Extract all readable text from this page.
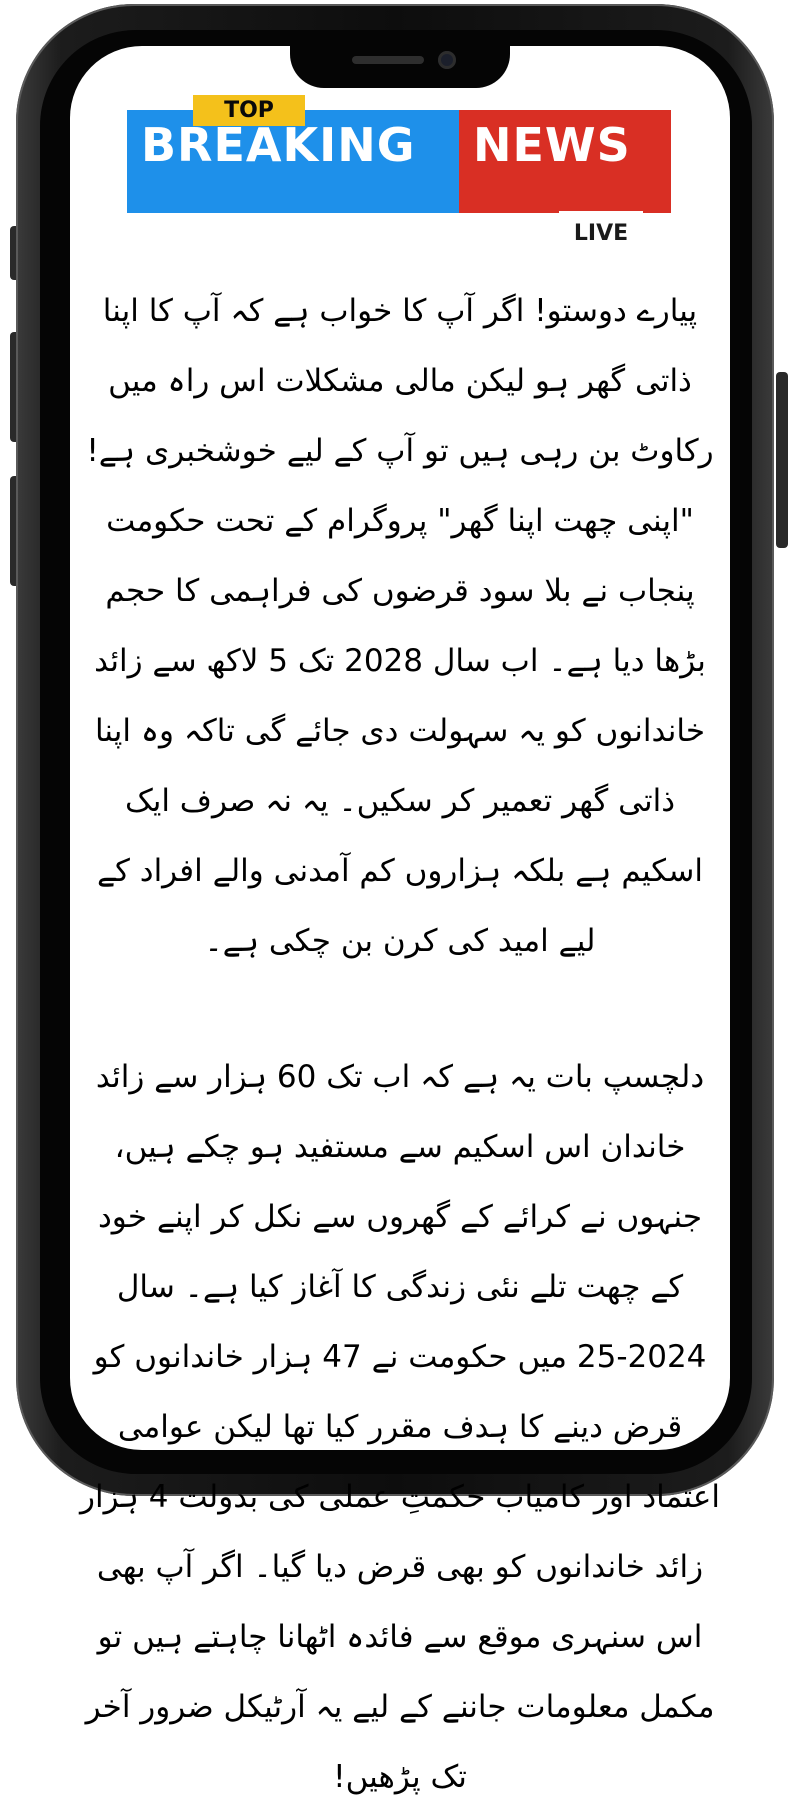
TOP
BREAKING NEWS
LIVE

پیارے دوستو! اگر آپ کا خواب ہے کہ آپ کا اپنا ذاتی گھر ہو لیکن مالی مشکلات اس راہ میں رکاوٹ بن رہی ہیں تو آپ کے لیے خوشخبری ہے! "اپنی چھت اپنا گھر" پروگرام کے تحت حکومت پنجاب نے بلا سود قرضوں کی فراہمی کا حجم بڑھا دیا ہے۔ اب سال 2028 تک 5 لاکھ سے زائد خاندانوں کو یہ سہولت دی جائے گی تاکہ وہ اپنا ذاتی گھر تعمیر کر سکیں۔ یہ نہ صرف ایک اسکیم ہے بلکہ ہزاروں کم آمدنی والے افراد کے لیے امید کی کرن بن چکی ہے۔

دلچسپ بات یہ ہے کہ اب تک 60 ہزار سے زائد خاندان اس اسکیم سے مستفید ہو چکے ہیں، جنہوں نے کرائے کے گھروں سے نکل کر اپنے خود کے چھت تلے نئی زندگی کا آغاز کیا ہے۔ سال 2024-25 میں حکومت نے 47 ہزار خاندانوں کو قرض دینے کا ہدف مقرر کیا تھا لیکن عوامی اعتماد اور کامیاب حکمتِ عملی کی بدولت 4 ہزار زائد خاندانوں کو بھی قرض دیا گیا۔ اگر آپ بھی اس سنہری موقع سے فائدہ اٹھانا چاہتے ہیں تو مکمل معلومات جاننے کے لیے یہ آرٹیکل ضرور آخر تک پڑھیں!
